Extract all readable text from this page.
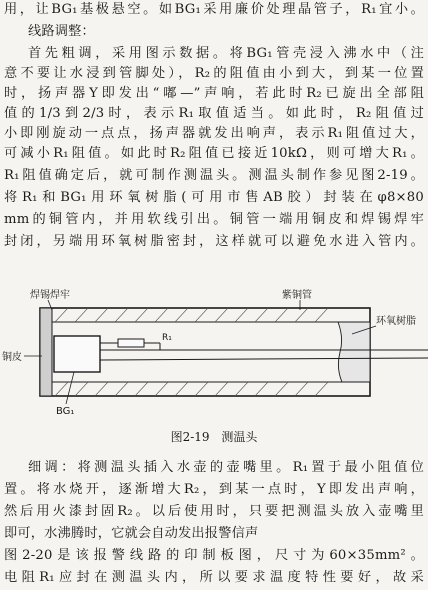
用，让BG₁基极悬空。如BG₁采用廉价处理晶管子，R₁宜小。
线路调整：
首先粗调，采用图示数据。将BG₁管壳浸入沸水中（注
意不要让水浸到管脚处），R₂的阻值由小到大，到某一位置
时，扬声器Y即发出“嘟—”声响，若此时R₂已旋出全部阻
值的1/3到2/3时，表示R₁取值适当。如此时，R₂阻值过
小即刚旋动一点点，扬声器就发出响声，表示R₁阻值过大，
可减小R₁阻值。如此时R₂阻值已接近10kΩ，则可增大R₁。
R₁阻值确定后，就可制作测温头。测温头制作参见图2-19。
将R₁和BG₁用环氧树脂(可用市售AB胶）封装在φ8×80
mm的铜管内，并用软线引出。铜管一端用铜皮和焊锡焊牢
封闭，另端用环氧树脂密封，这样就可以避免水进入管内。
焊锡焊牢	紫铜管
环氧树脂
R₁
铜皮
BG₁
图2-19 测温头
细调：将测温头插入水壶的壶嘴里。R₁置于最小阻值位
置。将水烧开，逐渐增大R₂，到某一点时，Y即发出声响，
然后用火漆封固R₂。以后使用时，只要把测温头放入壶嘴里
即可，水沸腾时，它就会自动发出报警信声
图2-20是该报警线路的印制板图，尺寸为60×35mm²。
电阻R₁应封在测温头内，所以要求温度特性要好，故采
